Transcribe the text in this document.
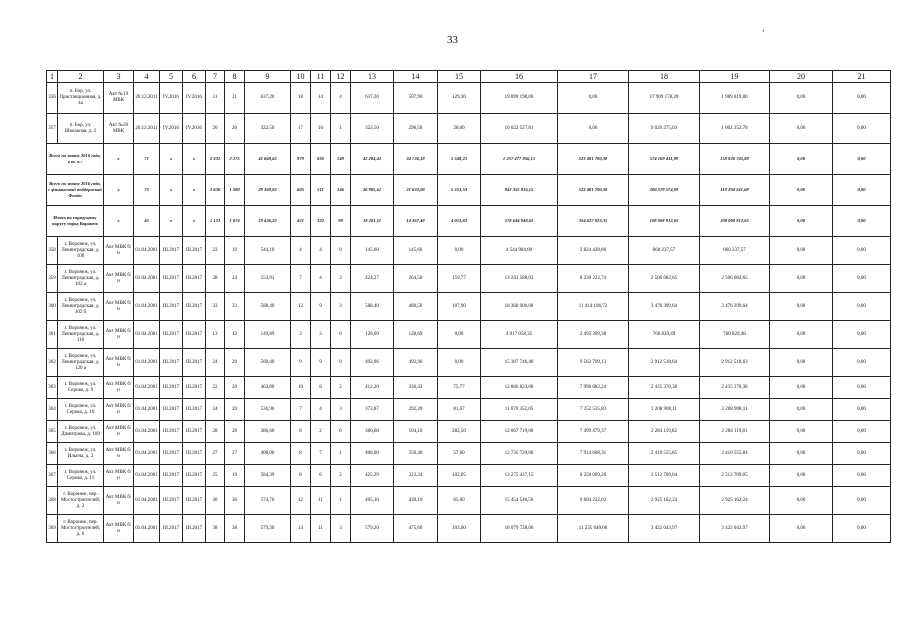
33
‘
1	2	3	4	5	6	7	8	9	10	11	12	13	14	15	16	17	18	19	20	21
356	п. Бор, ул. Пристанционная, д. 4а	Акт №19 МВК	20.12.2011	IV.2016	IV.2016	31	31	637,20	18	14	4	637,20	507,90	129,30	19 899 198,00	0,00	17 909 178,20	1 989 019,80	0,00	0,00
357	п. Бор, ул. Школьная, д. 3	Акт №20 МВК	20.12.2011	IV.2016	IV.2016	20	20	322,50	17	16	1	322,50	296,50	26,00	10 022 527,81	0,00	9 020 275,03	1 002 252,78	0,00	0,00
Всего по этапу 2016 года, в т. ч.:		x	71	x	x	2 331	2 275	41 668,62	979	830	149	42 284,41	34 736,18	5 548,23	1 257 477 856,15	523 481 700,38	574 169 411,89	159 826 745,88	0,00	0,00
Всего по этапу 2016 года, с финансовой поддержкой Фонда		x	73	x	x	1 636	1 580	29 369,82	605	511	146	26 985,61	21 632,08	5 353,53	842 355 816,15	523 481 700,38	200 579 574,09	118 294 541,68	0,00	0,00
Итого по городскому округу город Воронеж		x	45	x	x	1 123	1 074	19 436,22	421	322	99	18 281,11	14 267,48	4 013,63	578 644 848,65	354 627 023,35	108 008 912,65	108 008 912,65	0,00	0,00
358	г. Воронеж, ул. Ленинградская, д. 100	Акт МВК б/н	01.04.2001	III.2017	III.2017	23	10	544,10	4	4	0	145,60	145,60	0,00	4 544 904,00	2 824 428,86	860 237,57	860 237,57	0,00	0,00
359	г. Воронеж, ул. Ленинградская, д. 102 а	Акт МВК б/н	01.04.2001	III.2017	III.2017	28	24	553,91	7	4	3	424,27	264,50	159,77	13 243 588,03	8 230 222,74	2 506 682,65	2 506 682,65	0,00	0,00
360	г. Воронеж, ул. Ленинградская, д. 102 б	Акт МВК б/н	01.04.2001	III.2017	III.2017	33	33	588,40	12	9	3	588,40	480,50	107,90	18 368 906,00	11 414 106,72	3 476 399,64	3 476 399,64	0,00	0,00
361	г. Воронеж, ул. Ленинградская, д. 110	Акт МВК б/н	01.04.2001	III.2017	III.2017	13	12	149,89	3	3	0	128,69	128,69	0,00	4 017 058,35	2 495 399,38	760 829,49	760 829,48	0,00	0,00
362	г. Воронеж, ул. Ленинградская, д. 120 а	Акт МВК б/н	01.04.2001	III.2017	III.2017	24	20	560,40	9	9	0	492,96	492,96	0,00	15 387 746,40	9 562 709,13	2 912 518,64	2 912 518,63	0,00	0,00
363	г. Воронеж, ул. Серова, д. 9	Акт МВК б/н	01.04.2001	III.2017	III.2017	22	20	463,80	10	8	2	412,20	336,43	75,77	12 866 823,00	7 996 082,24	2 435 370,38	2 435 370,38	0,00	0,00
364	г. Воронеж, ул. Серова, д. 10	Акт МВК б/н	01.04.2001	III.2017	III.2017	24	20	536,96	7	4	3	373,87	292,20	81,67	11 670 352,05	7 252 535,83	2 208 908,11	2 208 908,11	0,00	0,00
365	г. Воронеж, ул. Димитрова, д. 109	Акт МВК б/н	01.04.2001	III.2017	III.2017	28	28	386,60	8	2	6	386,60	104,10	282,50	12 067 719,00	7 499 479,37	2 284 119,82	2 284 119,81	0,00	0,00
366	г. Воронеж, ул. Ильича, д. 2	Акт МВК б/н	01.04.2001	III.2017	III.2017	27	27	408,00	8	7	1	408,00	350,40	57,60	12 735 720,00	7 914 608,31	2 410 555,85	2 410 555,84	0,00	0,00
367	г. Воронеж, ул. Серова, д. 11	Акт МВК б/н	01.04.2001	III.2017	III.2017	25	19	584,39	8	6	2	425,29	323,24	102,05	13 275 427,15	8 250 009,26	2 512 709,04	2 512 709,05	0,00	0,00
368	г. Воронеж, пер. Мостостроителей, д. 2	Акт МВК б/н	01.04.2001	III.2017	III.2017	30	36	574,70	12	11	1	495,10	430,10	65,00	15 454 546,50	9 604 222,02	2 925 162,24	2 925 162,24	0,00	0,00
369	г. Воронеж, пер. Мостостроителей, д. 6	Акт МВК б/н	01.04.2001	III.2017	III.2017	38	38	579,30	14	11	3	579,20	475,60	103,60	18 079 728,00	11 235 640,06	3 422 043,97	3 422 043,97	0,00	0,00
